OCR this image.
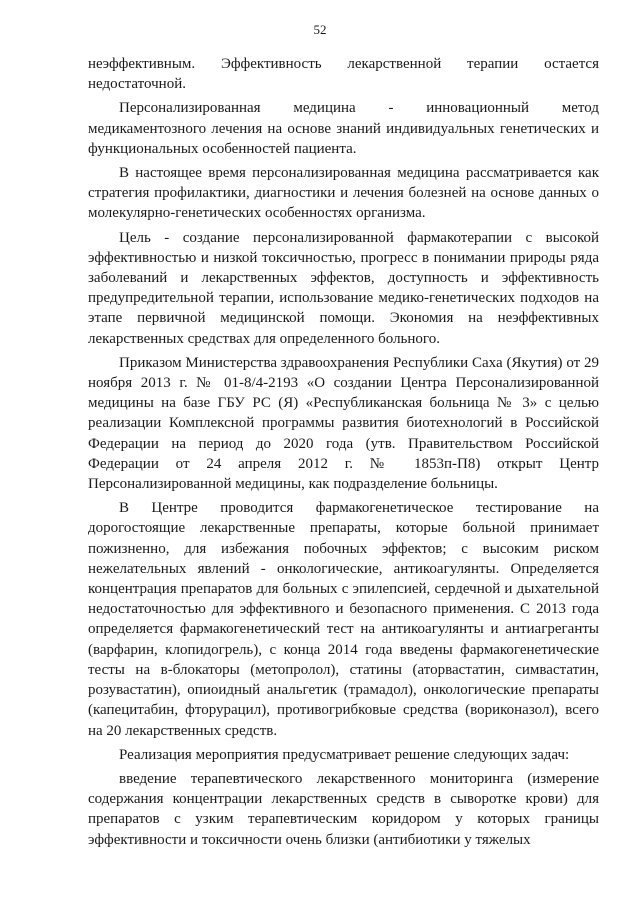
52

неэффективным. Эффективность лекарственной терапии остается недостаточной.

Персонализированная медицина - инновационный метод медикаментозного лечения на основе знаний индивидуальных генетических и функциональных особенностей пациента.

В настоящее время персонализированная медицина рассматривается как стратегия профилактики, диагностики и лечения болезней на основе данных о молекулярно-генетических особенностях организма.

Цель - создание персонализированной фармакотерапии с высокой эффективностью и низкой токсичностью, прогресс в понимании природы ряда заболеваний и лекарственных эффектов, доступность и эффективность предупредительной терапии, использование медико-генетических подходов на этапе первичной медицинской помощи. Экономия на неэффективных лекарственных средствах для определенного больного.

Приказом Министерства здравоохранения Республики Саха (Якутия) от 29 ноября 2013 г. № 01-8/4-2193 «О создании Центра Персонализированной медицины на базе ГБУ РС (Я) «Республиканская больница № 3» с целью реализации Комплексной программы развития биотехнологий в Российской Федерации на период до 2020 года (утв. Правительством Российской Федерации от 24 апреля 2012 г. № 1853п-П8) открыт Центр Персонализированной медицины, как подразделение больницы.

В Центре проводится фармакогенетическое тестирование на дорогостоящие лекарственные препараты, которые больной принимает пожизненно, для избежания побочных эффектов; с высоким риском нежелательных явлений - онкологические, антикоагулянты. Определяется концентрация препаратов для больных с эпилепсией, сердечной и дыхательной недостаточностью для эффективного и безопасного применения. С 2013 года определяется фармакогенетический тест на антикоагулянты и антиагреганты (варфарин, клопидогрель), с конца 2014 года введены фармакогенетические тесты на в-блокаторы (метопролол), статины (аторвастатин, симвастатин, розувастатин), опиоидный анальгетик (трамадол), онкологические препараты (капецитабин, фторурацил), противогрибковые средства (вориконазол), всего на 20 лекарственных средств.

Реализация мероприятия предусматривает решение следующих задач:

введение терапевтического лекарственного мониторинга (измерение содержания концентрации лекарственных средств в сыворотке крови) для препаратов с узким терапевтическим коридором у которых границы эффективности и токсичности очень близки (антибиотики у тяжелых
